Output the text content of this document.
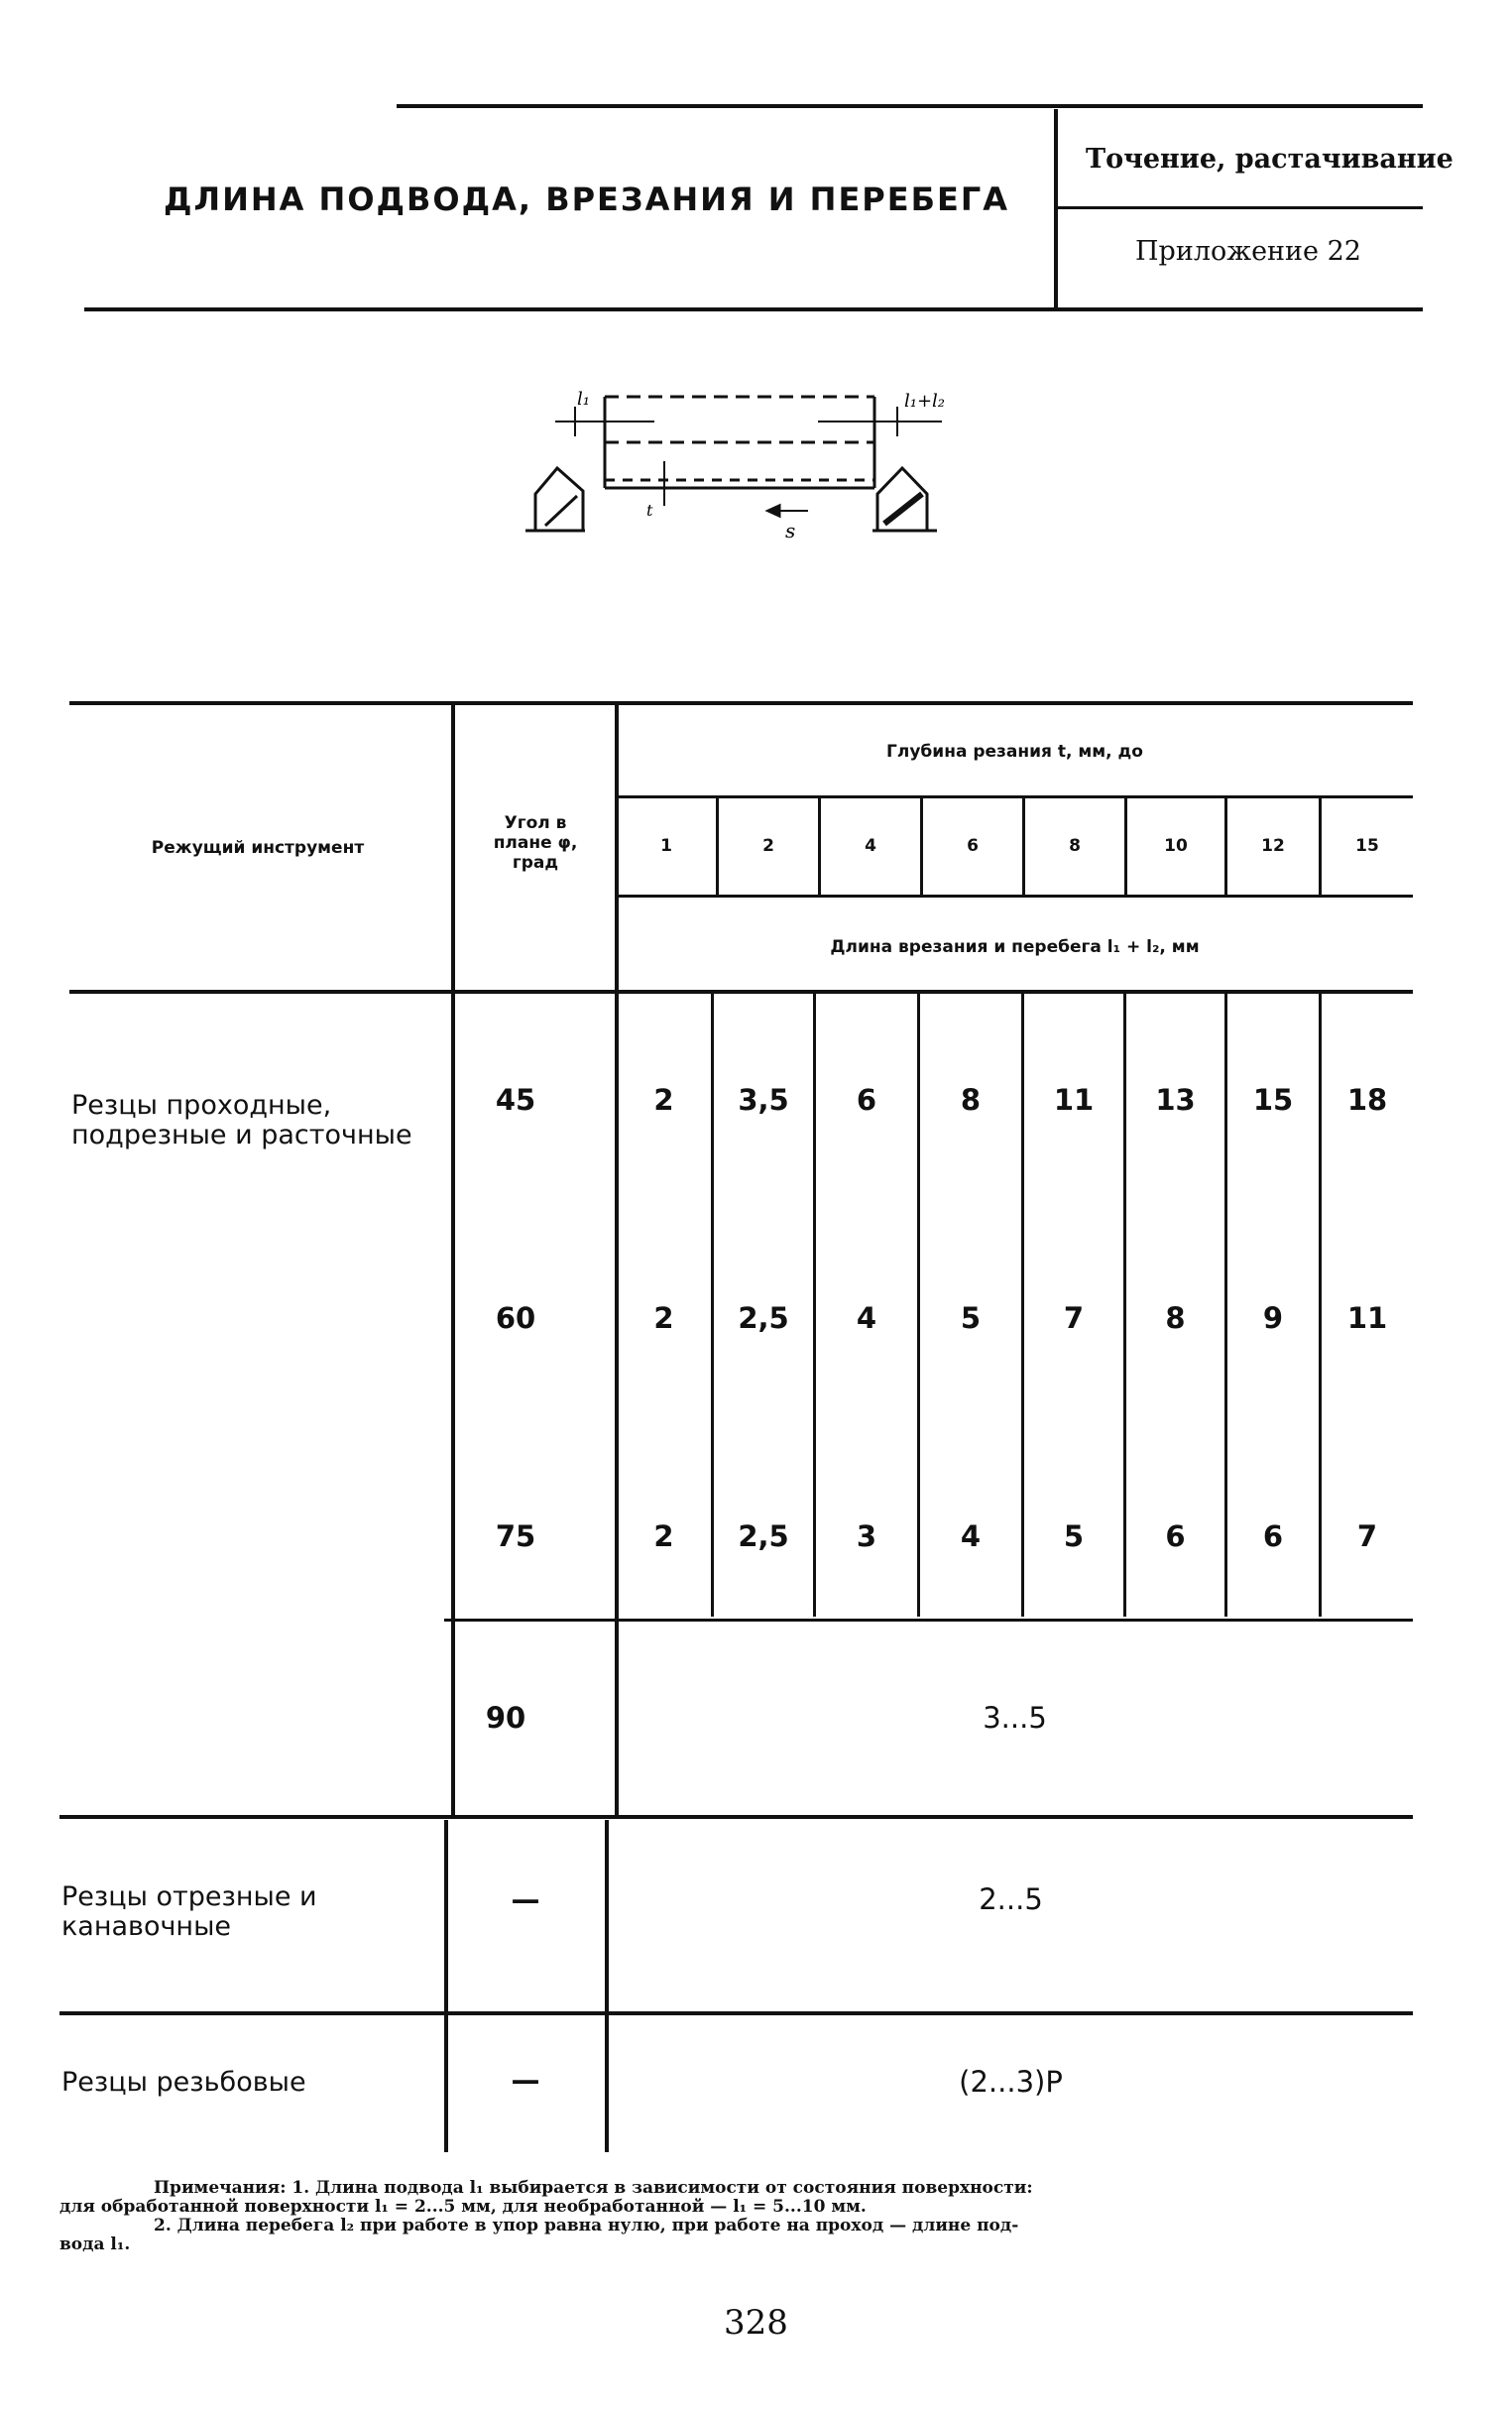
ДЛИНА ПОДВОДА, ВРЕЗАНИЯ И ПЕРЕБЕГА
Точение, растачивание
Приложение 22
l₁	l₁+l₂
t
s
Режущий инструмент
Угол в плане φ, град
Глубина резания t, мм, до
1	2	4	6	8	10	12	15
Длина врезания и перебега l₁ + l₂, мм
Резцы проходные, подрезные и расточные
45	2	3,5	6	8	11	13	15	18
60	2	2,5	4	5	7	8	9	11
75	2	2,5	3	4	5	6	6	7
90	3...5
Резцы отрезные и канавочные
—	2...5
Резцы резьбовые	—	(2...3)P
Примечания: 1. Длина подвода l₁ выбирается в зависимости от состояния поверхности:
для обработанной поверхности l₁ = 2...5 мм, для необработанной — l₁ = 5...10 мм.
2. Длина перебега l₂ при работе в упор равна нулю, при работе на проход — длине под-
вода l₁.
328
